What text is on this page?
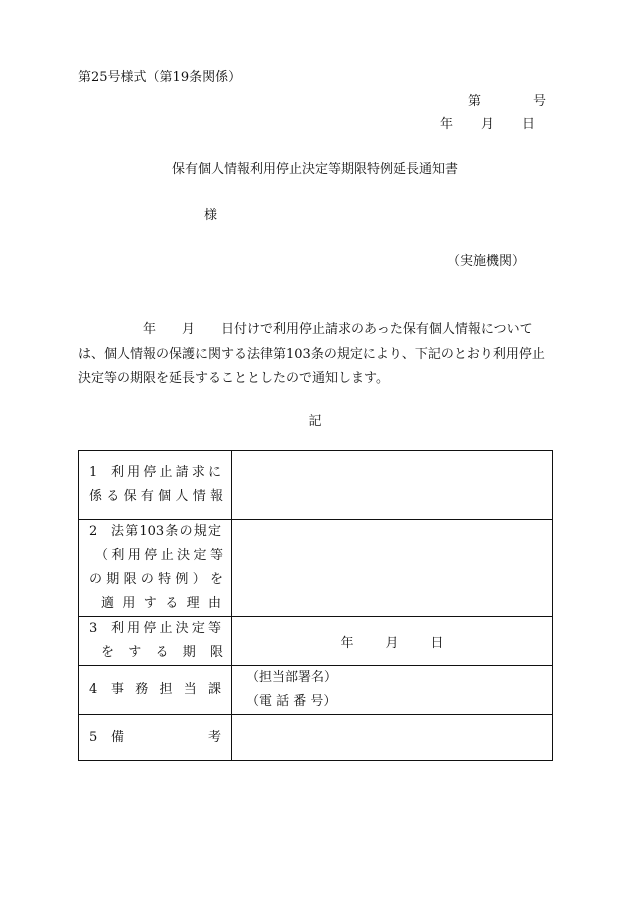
第25号様式（第19条関係）
第	号
年 月 日
保有個人情報利用停止決定等期限特例延長通知書
様
（実施機関）
　　　　　年　　月　　日付けで利用停止請求のあった保有個人情報については、個人情報の保護に関する法律第103条の規定により、下記のとおり利用停止決定等の期限を延長することとしたので通知します。
記
1 利用停止請求に
係る保有個人情報	

2 法第103条の規定
（利用停止決定等
の期限の特例）を
適用する理由	

3 利用停止決定等
をする期限	年 月 日

4 事務担当課	（担当部署名）
（電 話 番 号）

5 備考	
